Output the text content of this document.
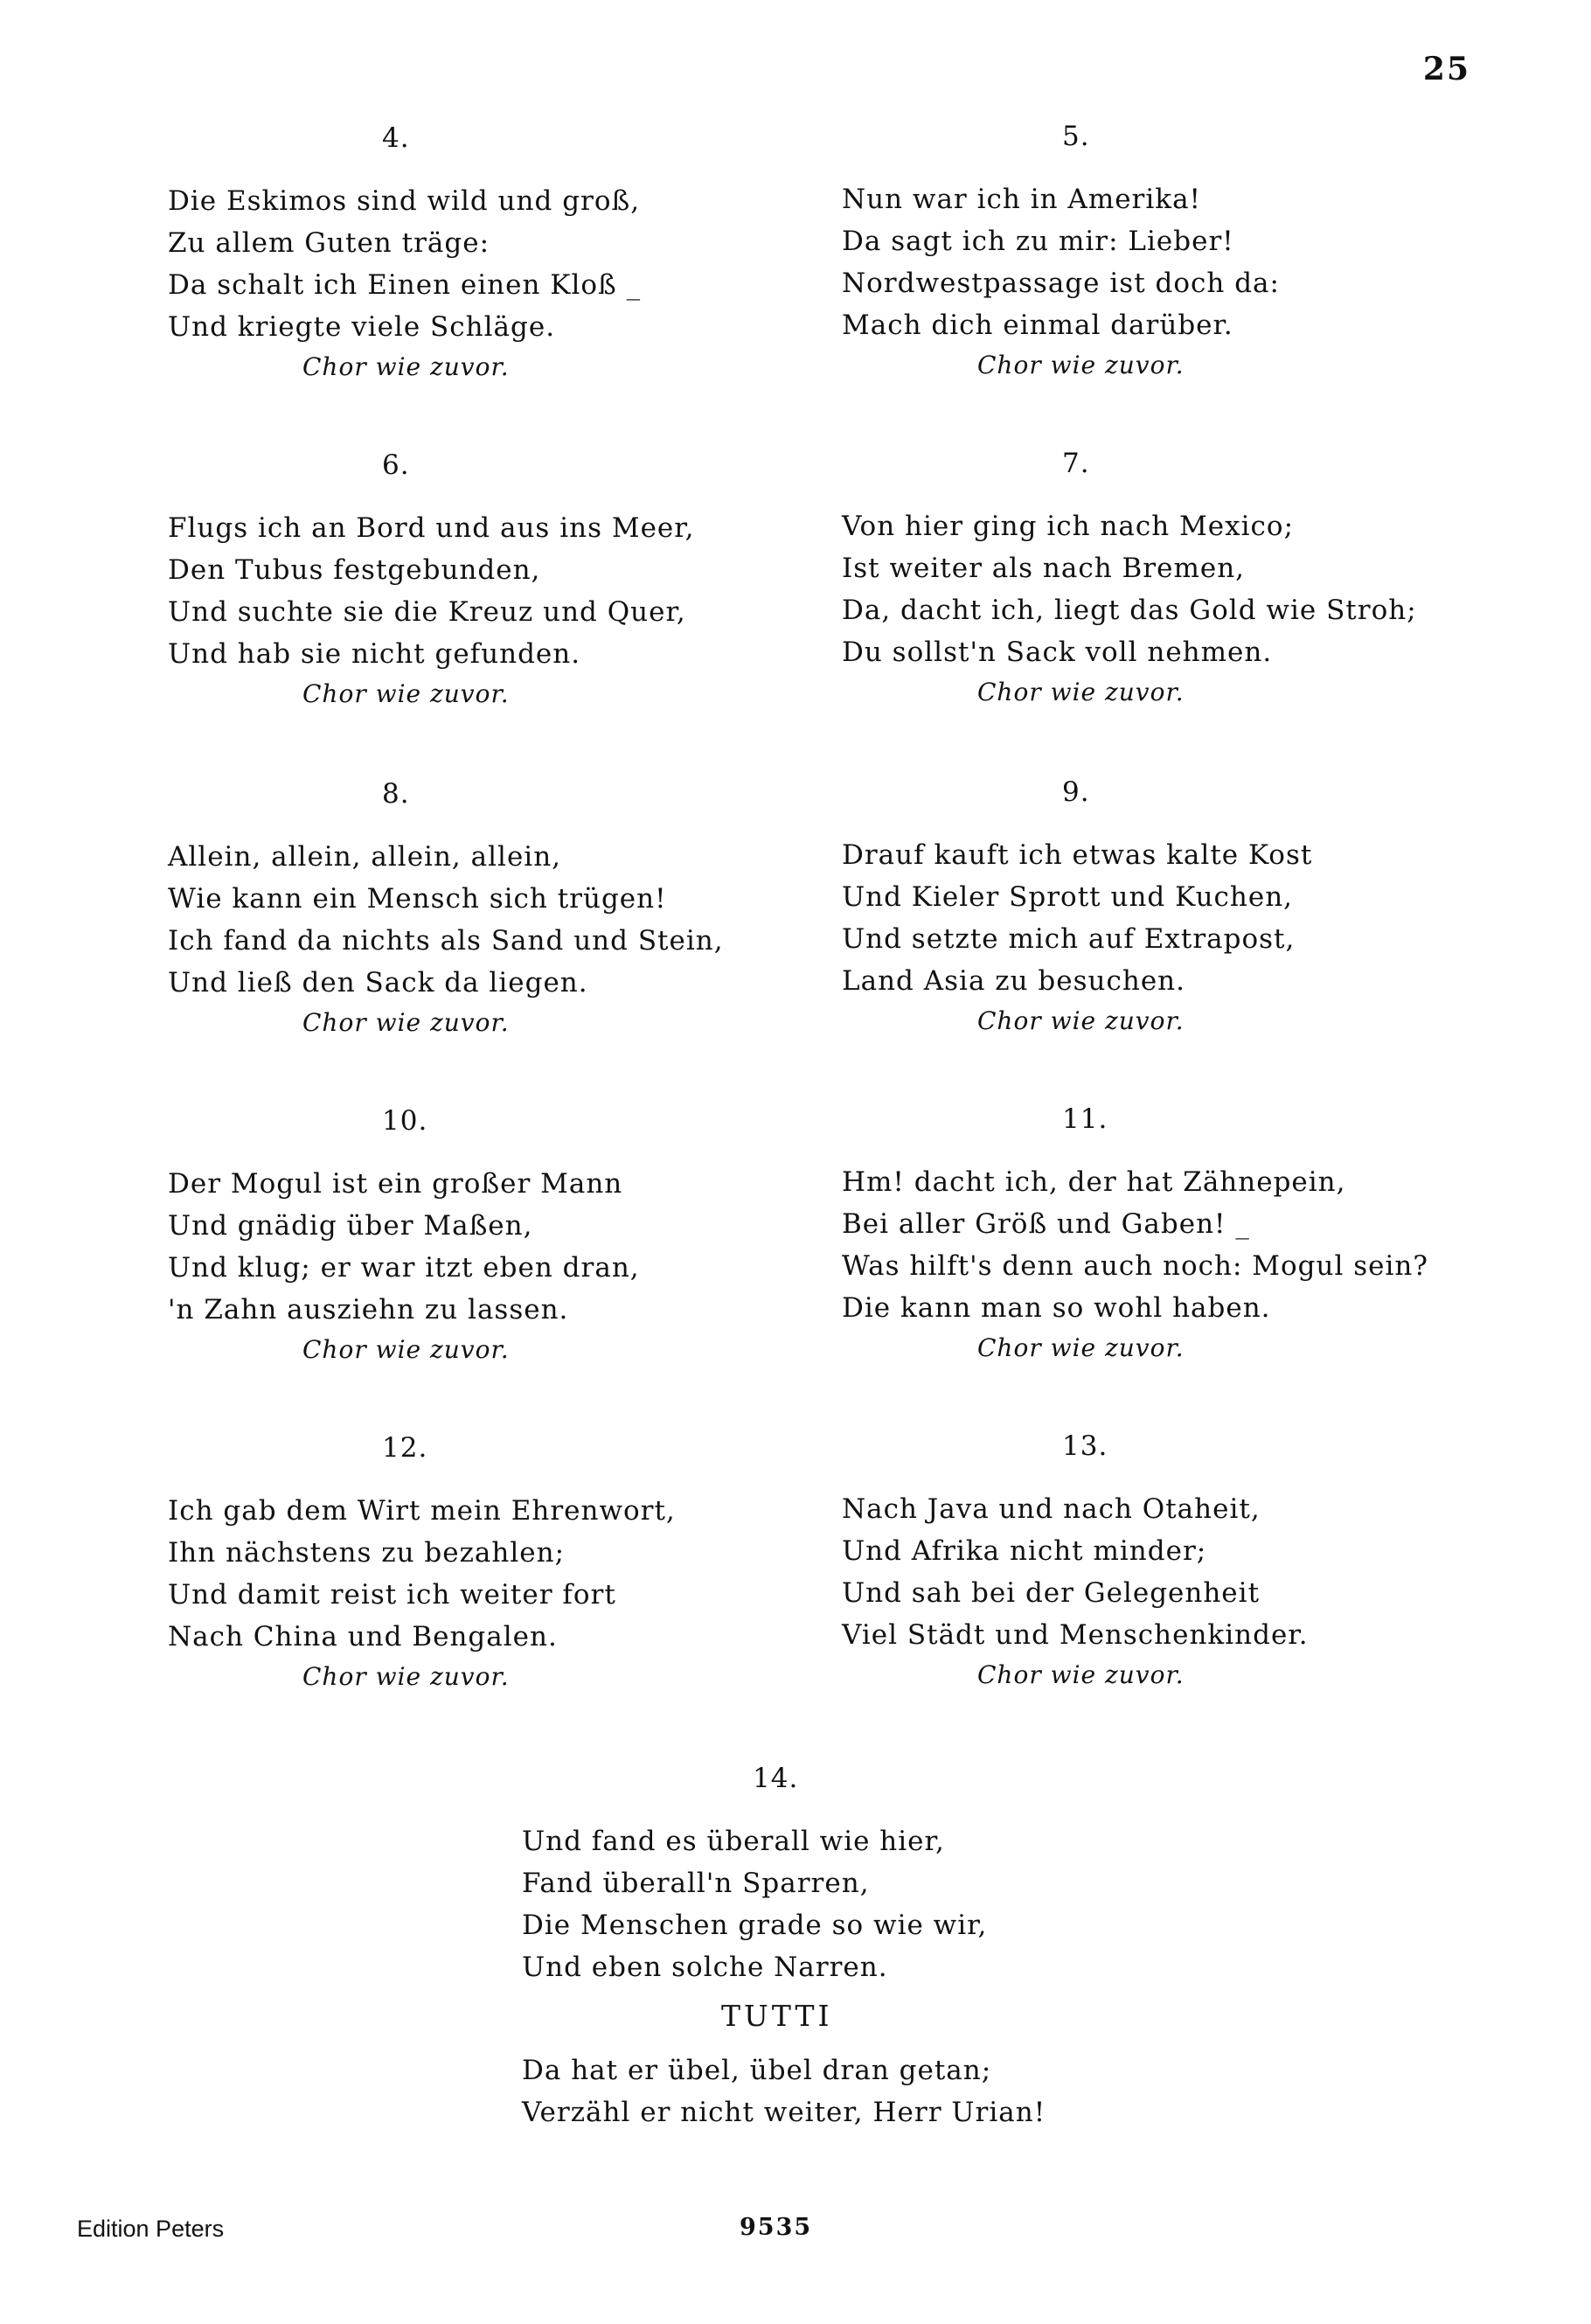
25
4.
Die Eskimos sind wild und groß,
Zu allem Guten träge:
Da schalt ich Einen einen Kloß _
Und kriegte viele Schläge.
Chor wie zuvor.
5.
Nun war ich in Amerika!
Da sagt ich zu mir: Lieber!
Nordwestpassage ist doch da:
Mach dich einmal darüber.
Chor wie zuvor.
6.
Flugs ich an Bord und aus ins Meer,
Den Tubus festgebunden,
Und suchte sie die Kreuz und Quer,
Und hab sie nicht gefunden.
Chor wie zuvor.
7.
Von hier ging ich nach Mexico;
Ist weiter als nach Bremen,
Da, dacht ich, liegt das Gold wie Stroh;
Du sollst'n Sack voll nehmen.
Chor wie zuvor.
8.
Allein, allein, allein, allein,
Wie kann ein Mensch sich trügen!
Ich fand da nichts als Sand und Stein,
Und ließ den Sack da liegen.
Chor wie zuvor.
9.
Drauf kauft ich etwas kalte Kost
Und Kieler Sprott und Kuchen,
Und setzte mich auf Extrapost,
Land Asia zu besuchen.
Chor wie zuvor.
10.
Der Mogul ist ein großer Mann
Und gnädig über Maßen,
Und klug; er war itzt eben dran,
'n Zahn ausziehn zu lassen.
Chor wie zuvor.
11.
Hm! dacht ich, der hat Zähnepein,
Bei aller Größ und Gaben! _
Was hilft's denn auch noch: Mogul sein?
Die kann man so wohl haben.
Chor wie zuvor.
12.
Ich gab dem Wirt mein Ehrenwort,
Ihn nächstens zu bezahlen;
Und damit reist ich weiter fort
Nach China und Bengalen.
Chor wie zuvor.
13.
Nach Java und nach Otaheit,
Und Afrika nicht minder;
Und sah bei der Gelegenheit
Viel Städt und Menschenkinder.
Chor wie zuvor.
14.
Und fand es überall wie hier,
Fand überall'n Sparren,
Die Menschen grade so wie wir,
Und eben solche Narren.
TUTTI
Da hat er übel, übel dran getan;
Verzähl er nicht weiter, Herr Urian!
Edition Peters	9535
